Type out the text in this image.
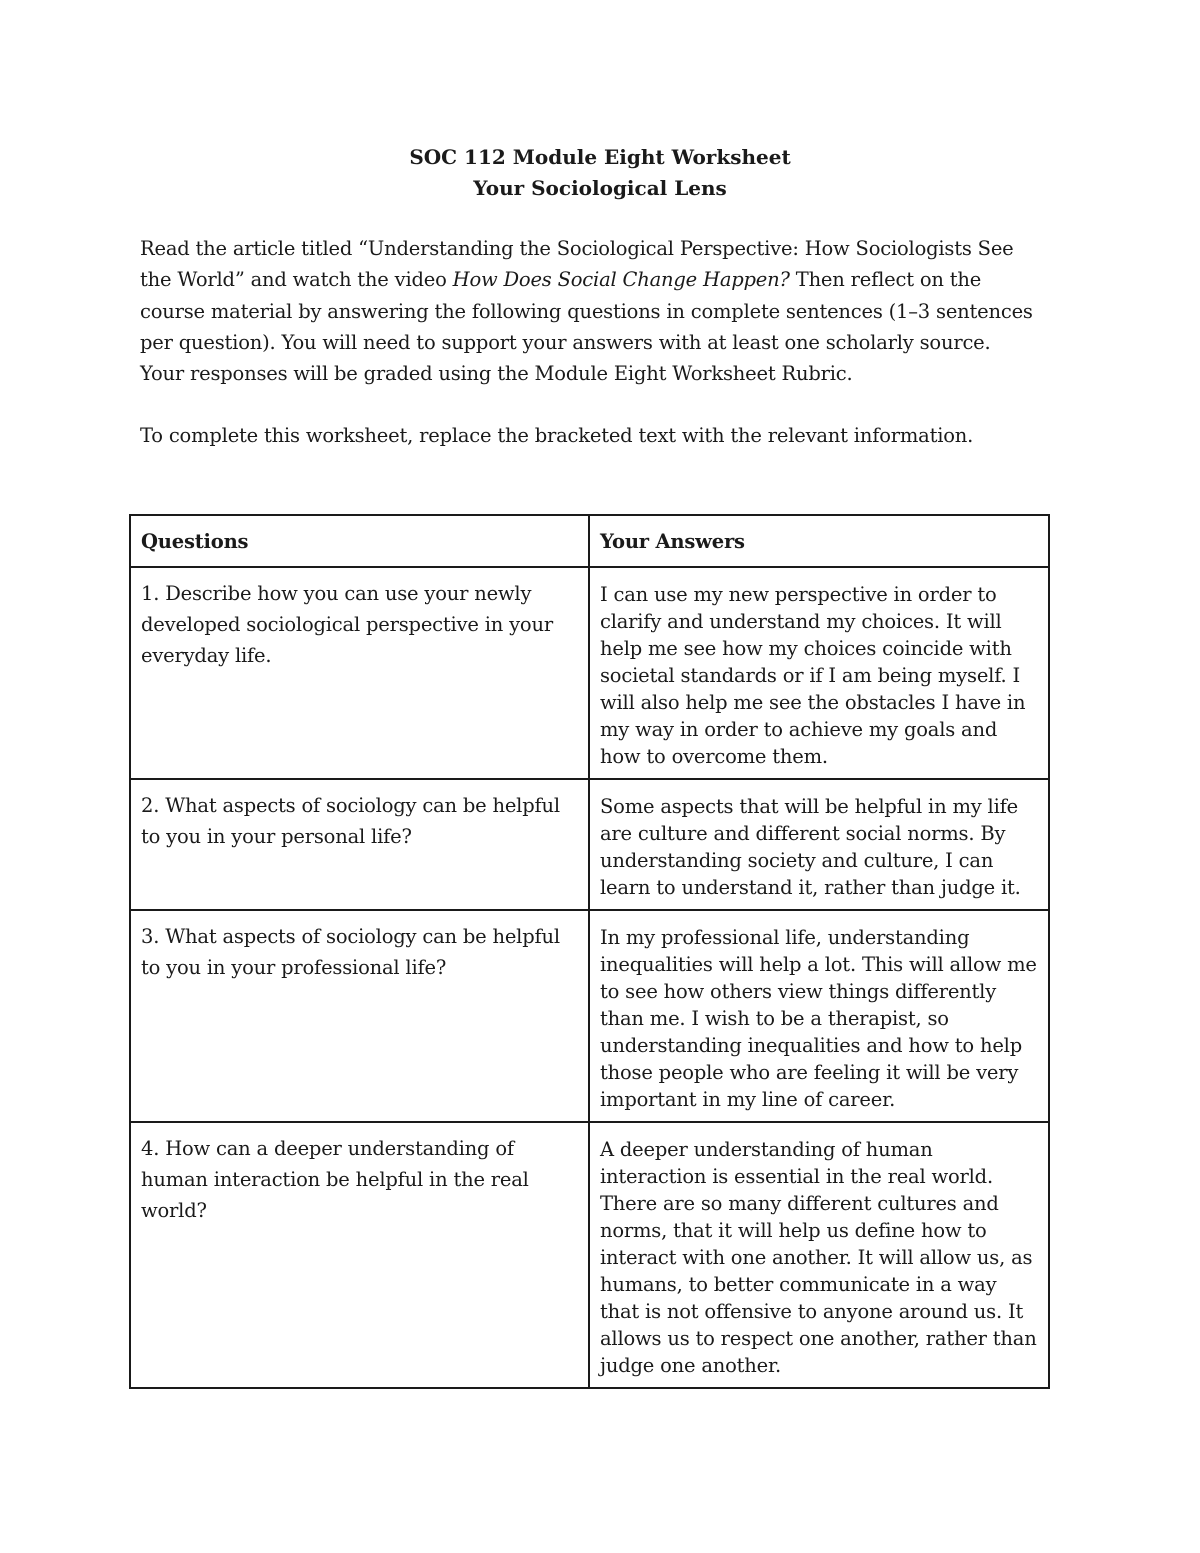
SOC 112 Module Eight Worksheet
Your Sociological Lens

Read the article titled “Understanding the Sociological Perspective: How Sociologists See the World” and watch the video How Does Social Change Happen? Then reflect on the course material by answering the following questions in complete sentences (1–3 sentences per question). You will need to support your answers with at least one scholarly source. Your responses will be graded using the Module Eight Worksheet Rubric.

To complete this worksheet, replace the bracketed text with the relevant information.

Questions	Your Answers
1. Describe how you can use your newly developed sociological perspective in your everyday life.	I can use my new perspective in order to clarify and understand my choices. It will help me see how my choices coincide with societal standards or if I am being myself. I will also help me see the obstacles I have in my way in order to achieve my goals and how to overcome them.
2. What aspects of sociology can be helpful to you in your personal life?	Some aspects that will be helpful in my life are culture and different social norms. By understanding society and culture, I can learn to understand it, rather than judge it.
3. What aspects of sociology can be helpful to you in your professional life?	In my professional life, understanding inequalities will help a lot. This will allow me to see how others view things differently than me. I wish to be a therapist, so understanding inequalities and how to help those people who are feeling it will be very important in my line of career.
4. How can a deeper understanding of human interaction be helpful in the real world?	A deeper understanding of human interaction is essential in the real world. There are so many different cultures and norms, that it will help us define how to interact with one another. It will allow us, as humans, to better communicate in a way that is not offensive to anyone around us. It allows us to respect one another, rather than judge one another.
